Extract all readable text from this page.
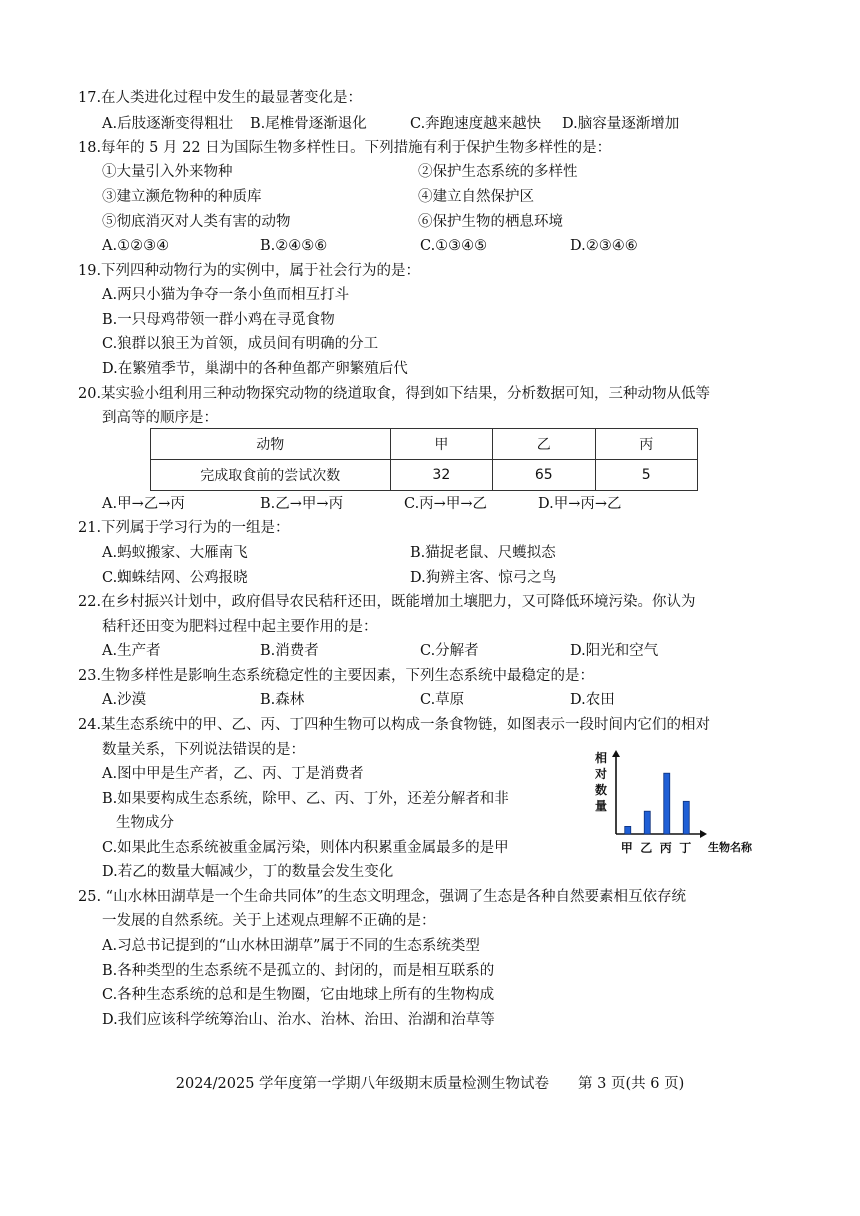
17.在人类进化过程中发生的最显著变化是：
A.后肢逐渐变得粗壮 B.尾椎骨逐渐退化	C.奔跑速度越来越快 D.脑容量逐渐增加
18.每年的 5 月 22 日为国际生物多样性日。下列措施有利于保护生物多样性的是：
①大量引入外来物种	②保护生态系统的多样性
③建立濒危物种的种质库	④建立自然保护区
⑤彻底消灭对人类有害的动物	⑥保护生物的栖息环境
A.①②③④	B.②④⑤⑥	C.①③④⑤	D.②③④⑥
19.下列四种动物行为的实例中，属于社会行为的是：
A.两只小猫为争夺一条小鱼而相互打斗
B.一只母鸡带领一群小鸡在寻觅食物
C.狼群以狼王为首领，成员间有明确的分工
D.在繁殖季节，巢湖中的各种鱼都产卵繁殖后代
20.某实验小组利用三种动物探究动物的绕道取食，得到如下结果，分析数据可知，三种动物从低等
到高等的顺序是：
动物	甲	乙	丙
完成取食前的尝试次数	32	65	5
A.甲→乙→丙	B.乙→甲→丙	C.丙→甲→乙	D.甲→丙→乙
21.下列属于学习行为的一组是：
A.蚂蚁搬家、大雁南飞	B.猫捉老鼠、尺蠖拟态
C.蜘蛛结网、公鸡报晓	D.狗辨主客、惊弓之鸟
22.在乡村振兴计划中，政府倡导农民秸秆还田，既能增加土壤肥力，又可降低环境污染。你认为
秸秆还田变为肥料过程中起主要作用的是：
A.生产者	B.消费者	C.分解者	D.阳光和空气
23.生物多样性是影响生态系统稳定性的主要因素，下列生态系统中最稳定的是：
A.沙漠	B.森林	C.草原	D.农田
24.某生态系统中的甲、乙、丙、丁四种生物可以构成一条食物链，如图表示一段时间内它们的相对
数量关系，下列说法错误的是：
A.图中甲是生产者，乙、丙、丁是消费者
B.如果要构成生态系统，除甲、乙、丙、丁外，还差分解者和非
生物成分
C.如果此生态系统被重金属污染，则体内积累重金属最多的是甲
D.若乙的数量大幅减少，丁的数量会发生变化
甲 乙 丙 丁 生物名称
相对数量
25. “山水林田湖草是一个生命共同体”的生态文明理念，强调了生态是各种自然要素相互依存统
一发展的自然系统。关于上述观点理解不正确的是：
A.习总书记提到的“山水林田湖草”属于不同的生态系统类型
B.各种类型的生态系统不是孤立的、封闭的，而是相互联系的
C.各种生态系统的总和是生物圈，它由地球上所有的生物构成
D.我们应该科学统筹治山、治水、治林、治田、治湖和治草等
2024/2025 学年度第一学期八年级期末质量检测生物试卷　　第 3 页(共 6 页)
